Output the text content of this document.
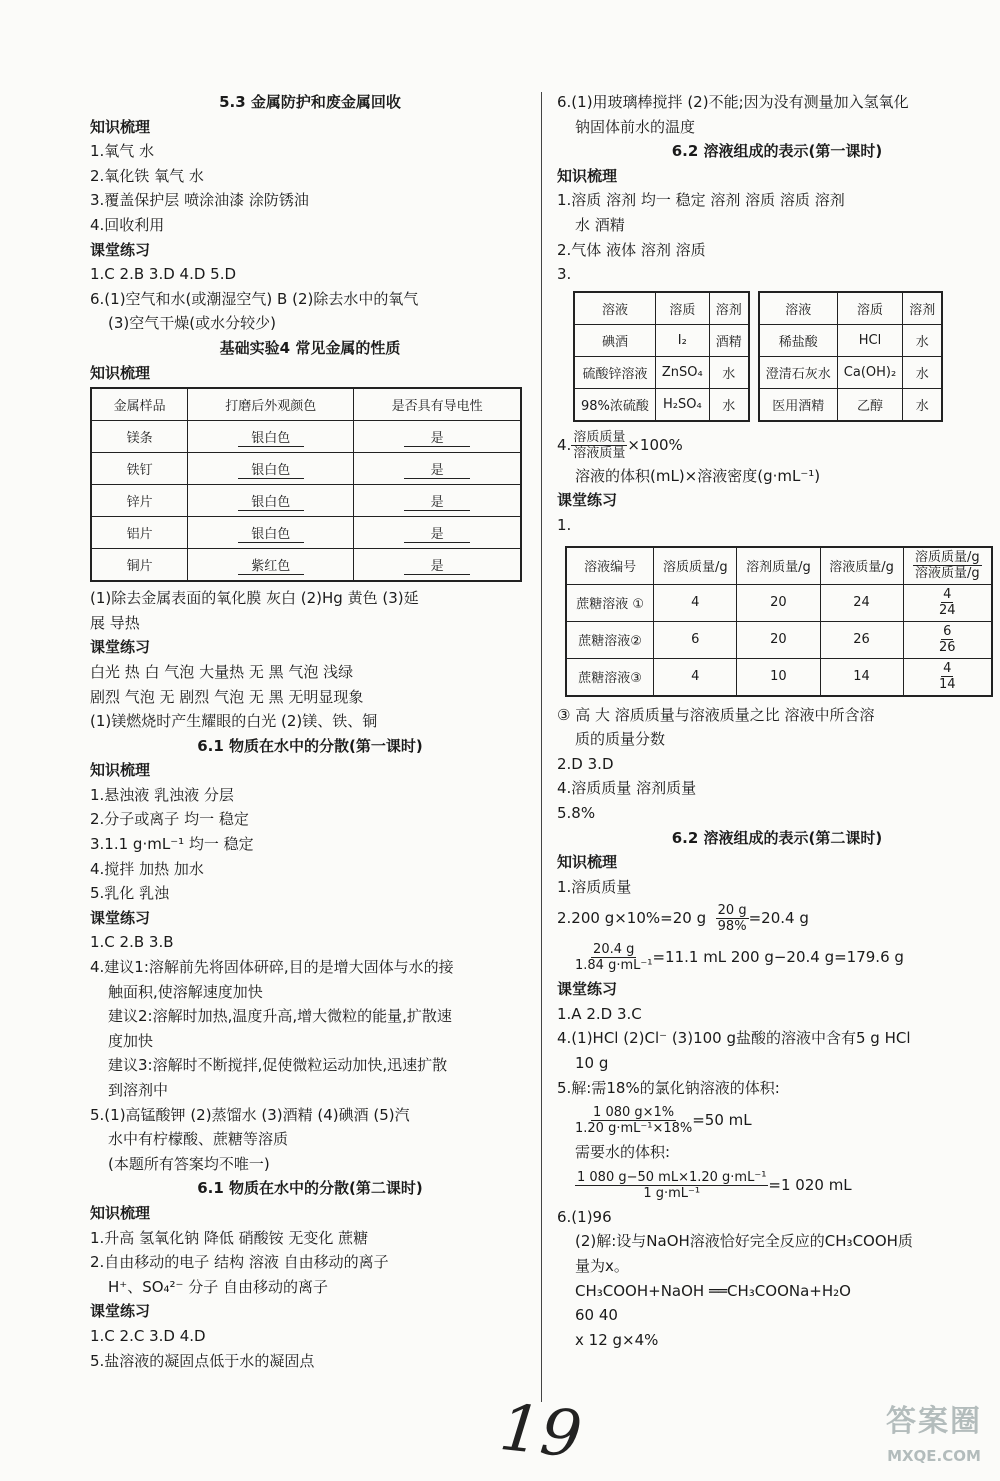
5.3 金属防护和废金属回收
知识梳理
1.氧气 水
2.氧化铁 氧气 水
3.覆盖保护层 喷涂油漆 涂防锈油
4.回收利用
课堂练习
1.C 2.B 3.D 4.D 5.D
6.(1)空气和水(或潮湿空气) B (2)除去水中的氧气
(3)空气干燥(或水分较少)
基础实验4 常见金属的性质
知识梳理
金属样品	打磨后外观颜色	是否具有导电性
镁条	银白色	是
铁钉	银白色	是
锌片	银白色	是
铝片	银白色	是
铜片	紫红色	是
(1)除去金属表面的氧化膜 灰白 (2)Hg 黄色 (3)延
展 导热
课堂练习
白光 热 白 气泡 大量热 无 黑 气泡 浅绿
剧烈 气泡 无 剧烈 气泡 无 黑 无明显现象
(1)镁燃烧时产生耀眼的白光 (2)镁、铁、铜
6.1 物质在水中的分散(第一课时)
知识梳理
1.悬浊液 乳浊液 分层
2.分子或离子 均一 稳定
3.1.1 g·mL⁻¹ 均一 稳定
4.搅拌 加热 加水
5.乳化 乳浊
课堂练习
1.C 2.B 3.B
4.建议1:溶解前先将固体研碎,目的是增大固体与水的接
触面积,使溶解速度加快
建议2:溶解时加热,温度升高,增大微粒的能量,扩散速
度加快
建议3:溶解时不断搅拌,促使微粒运动加快,迅速扩散
到溶剂中
5.(1)高锰酸钾 (2)蒸馏水 (3)酒精 (4)碘酒 (5)汽
水中有柠檬酸、蔗糖等溶质
(本题所有答案均不唯一)
6.1 物质在水中的分散(第二课时)
知识梳理
1.升高 氢氧化钠 降低 硝酸铵 无变化 蔗糖
2.自由移动的电子 结构 溶液 自由移动的离子
H⁺、SO₄²⁻ 分子 自由移动的离子
课堂练习
1.C 2.C 3.D 4.D
5.盐溶液的凝固点低于水的凝固点
6.(1)用玻璃棒搅拌 (2)不能;因为没有测量加入氢氧化
钠固体前水的温度
6.2 溶液组成的表示(第一课时)
知识梳理
1.溶质 溶剂 均一 稳定 溶剂 溶质 溶质 溶剂
水 酒精
2.气体 液体 溶剂 溶质
3.
溶液	溶质	溶剂
碘酒	I₂	酒精
硫酸锌溶液	ZnSO₄	水
98%浓硫酸	H₂SO₄	水
溶液	溶质	溶剂
稀盐酸	HCl	水
澄清石灰水	Ca(OH)₂	水
医用酒精	乙醇	水
4. $\frac{\text{溶质质量}}{\text{溶液质量}} \times 100\%$
溶液的体积(mL)×溶液密度(g·mL⁻¹)
课堂练习
1.
溶液编号	溶质质量/g	溶剂质量/g	溶液质量/g	$\frac{\text{溶质质量/g}}{\text{溶液质量/g}}$

蔗糖溶液 ①	4	20	24	$\frac{4}{24}$

蔗糖溶液②	6	20	26	$\frac{6}{26}$

蔗糖溶液③	4	10	14	$\frac{4}{14}$
③ 高 大 溶质质量与溶液质量之比 溶液中所含溶
质的质量分数
2.D 3.D
4.溶质质量 溶剂质量
5.8%
6.2 溶液组成的表示(第二课时)
知识梳理
1.溶质质量
2.200 g×10%=20 g $\frac{20 g}{98\%} =20.4$ g
$\frac{20.4 g}{\text{1.84 g·mL⁻¹}} =11.1$ mL 200 g−20.4 g=179.6 g
课堂练习
1.A 2.D 3.C
4.(1)HCl (2)Cl⁻ (3)100 g盐酸的溶液中含有5 g HCl
10 g
5.解:需18%的氯化钠溶液的体积:
$\frac{1 080 g\times 1\%}{\text{1.20 g·mL⁻¹×18\%}} =50$ mL
需要水的体积:
$\frac{\text{1 080 g−50 mL×1.20 g·mL⁻¹}}{\text{1 g·mL⁻¹}} =1$ 020 mL
6.(1)96
(2)解:设与NaOH溶液恰好完全反应的CH₃COOH质
量为x。
CH₃COOH+NaOH ══CH₃COONa+H₂O
60 40
x 12 g×4%
19	答案圈
MXQE.COM
